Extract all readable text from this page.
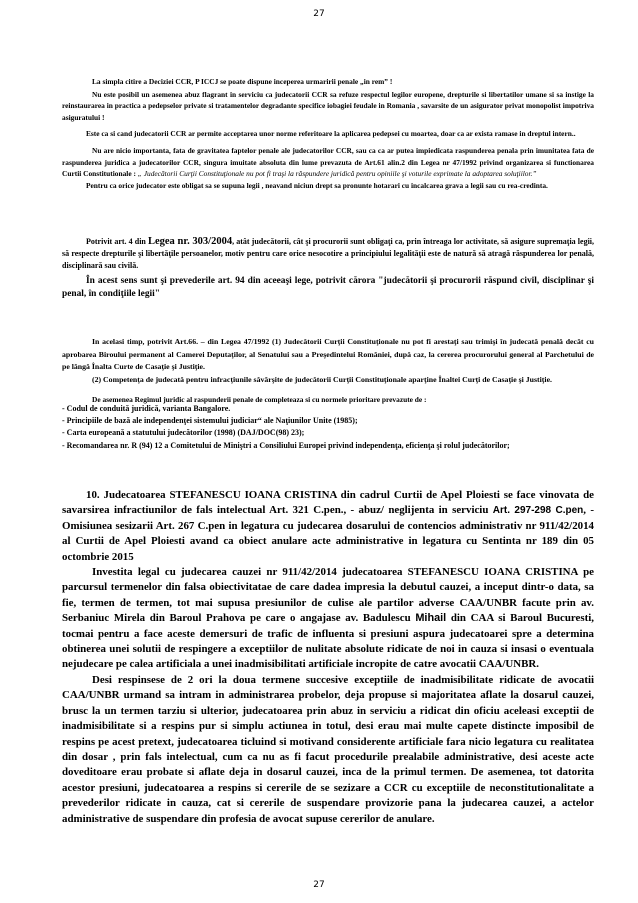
27

La simpla citire a Deciziei CCR, P ICCJ se poate dispune inceperea urmaririi penale „in rem” !

Nu este posibil un asemenea abuz flagrant in serviciu ca judecatorii CCR sa refuze respectul legilor europene, drepturile si libertatilor umane si sa instige la reinstaurarea in practica a pedepselor private si tratamentelor degradante specifice iobagiei feudale in Romania , savarsite de un asigurator privat monopolist impotriva asiguratului !

Este ca si cand judecatorii CCR ar permite acceptarea unor norme referitoare la aplicarea pedepsei cu moartea, doar ca ar exista ramase in dreptul intern..

Nu are nicio importanta, fata de gravitatea faptelor penale ale judecatorilor CCR, sau ca ca ar putea impiedicata raspunderea penala prin imunitatea fata de raspunderea juridica a judecatorilor CCR, singura imuitate absoluta din lume prevazuta de Art.61 alin.2 din Legea nr 47/1992 privind organizarea si functionarea Curtii Constitutionale : „ Judecătorii Curţii Constituţionale nu pot fi traşi la răspundere juridică pentru opiniile şi voturile exprimate la adoptarea soluţiilor.”

Pentru ca orice judecator este obligat sa se supuna legii , neavand niciun drept sa pronunte hotarari cu incalcarea grava a legii sau cu rea-credinta.

Potrivit art. 4 din Legea nr. 303/2004, atât judecătorii, cât şi procurorii sunt obligaţi ca, prin întreaga lor activitate, să asigure supremaţia legii, să respecte drepturile şi libertăţile persoanelor, motiv pentru care orice nesocotire a principiului legalităţii este de natură să atragă răspunderea lor penală, disciplinară sau civilă.

În acest sens sunt şi prevederile art. 94 din aceeaşi lege, potrivit cărora "judecătorii şi procurorii răspund civil, disciplinar şi penal, în condiţiile legii"

In acelasi timp, potrivit Art.66. – din Legea 47/1992 (1) Judecătorii Curţii Constituţionale nu pot fi arestaţi sau trimişi în judecată penală decât cu aprobarea Biroului permanent al Camerei Deputaţilor, al Senatului sau a Preşedintelui României, după caz, la cererea procurorului general al Parchetului de pe lângă Înalta Curte de Casaţie şi Justiţie.

(2) Competenţa de judecată pentru infracţiunile săvârşite de judecătorii Curţii Constituţionale aparţine Înaltei Curţi de Casaţie şi Justiţie.

De asemenea Regimul juridic al raspunderii penale de completeaza si cu normele prioritare prevazute de :

- Codul de conduită juridică, varianta Bangalore.

- Principiile de bază ale independenţei sistemului judiciar“ ale Naţiunilor Unite (1985);

- Carta europeană a statutului judecătorilor (1998) (DAJ/DOC(98) 23);

- Recomandarea nr. R (94) 12 a Comitetului de Miniştri a Consiliului Europei privind independenţa, eficienţa şi rolul judecătorilor;

10. Judecatoarea STEFANESCU IOANA CRISTINA din cadrul Curtii de Apel Ploiesti se face vinovata de savarsirea infractiunilor de fals intelectual Art. 321 C.pen., - abuz/ neglijenta in serviciu Art. 297-298 C.pen, - Omisiunea sesizarii Art. 267 C.pen in legatura cu judecarea dosarului de contencios administrativ nr 911/42/2014 al Curtii de Apel Ploiesti avand ca obiect anulare acte administrative in legatura cu Sentinta nr 189 din 05 octombrie 2015

Investita legal cu judecarea cauzei nr 911/42/2014 judecatoarea STEFANESCU IOANA CRISTINA pe parcursul termenelor din falsa obiectivitatae de care dadea impresia la debutul cauzei, a inceput dintr-o data, sa fie, termen de termen, tot mai supusa presiunilor de culise ale partilor adverse CAA/UNBR facute prin av. Serbaniuc Mirela din Baroul Prahova pe care o angajase av. Badulescu Mihail din CAA si Baroul Bucuresti, tocmai pentru a face aceste demersuri de trafic de influenta si presiuni aspura judecatoarei spre a determina obtinerea unei solutii de respingere a exceptiilor de nulitate absolute ridicate de noi in cauza si insasi o eventuala nejudecare pe calea artificiala a unei inadmisibilitati artificiale incropite de catre avocatii CAA/UNBR.

Desi respinsese de 2 ori la doua termene succesive exceptiile de inadmisibilitate ridicate de avocatii CAA/UNBR urmand sa intram in administrarea probelor, deja propuse si majoritatea aflate la dosarul cauzei, brusc la un termen tarziu si ulterior, judecatoarea prin abuz in serviciu a ridicat din oficiu aceleasi exceptii de inadmisibilitate si a respins pur si simplu actiunea in totul, desi erau mai multe capete distincte imposibil de respins pe acest pretext, judecatoarea ticluind si motivand considerente artificiale fara nicio legatura cu realitatea din dosar , prin fals intelectual, cum ca nu as fi facut procedurile prealabile administrative, desi aceste acte doveditoare erau probate si aflate deja in dosarul cauzei, inca de la primul termen. De asemenea, tot datorita acestor presiuni, judecatoarea a respins si cererile de se sezizare a CCR cu exceptiile de neconstitutionalitate a prevederilor ridicate in cauza, cat si cererile de suspendare provizorie pana la judecarea cauzei, a actelor administrative de suspendare din profesia de avocat supuse cererilor de anulare.

27
